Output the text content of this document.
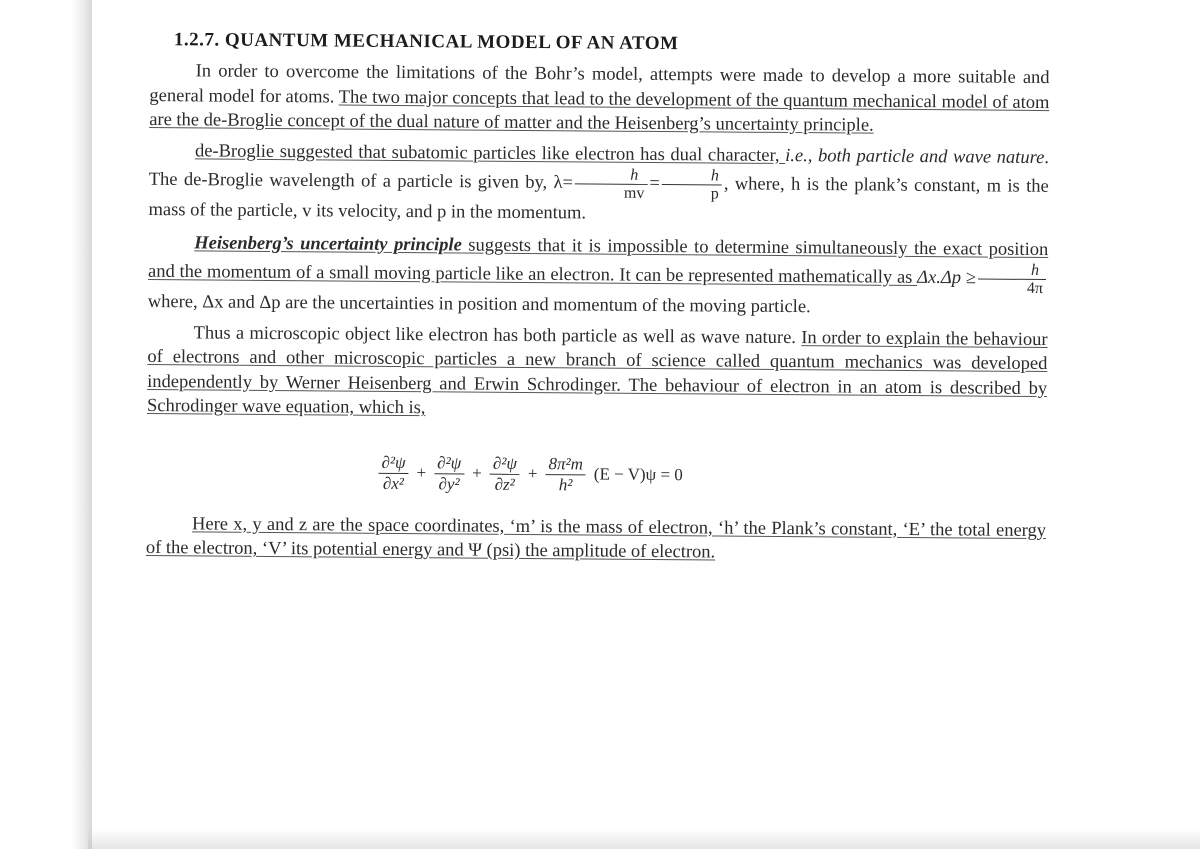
1.2.7. QUANTUM MECHANICAL MODEL OF AN ATOM

In order to overcome the limitations of the Bohr’s model, attempts were made to develop a more suitable and general model for atoms. The two major concepts that lead to the development of the quantum mechanical model of atom are the de-Broglie concept of the dual nature of matter and the Heisenberg’s uncertainty principle.

de-Broglie suggested that subatomic particles like electron has dual character, i.e., both particle and wave nature. The de-Broglie wavelength of a particle is given by, $\lambda= \frac{h}{mv} = \frac{h}{p}$ , where, h is the plank’s constant, m is the mass of the particle, v its velocity, and p in the momentum.

Heisenberg’s uncertainty principle suggests that it is impossible to determine simultaneously the exact position and the momentum of a small moving particle like an electron. It can be represented mathematically as $\Delta x.\Delta p \ge \frac{h}{4\pi}$
where, Δx and Δp are the uncertainties in position and momentum of the moving particle.

Thus a microscopic object like electron has both particle as well as wave nature. In order to explain the behaviour of electrons and other microscopic particles a new branch of science called quantum mechanics was developed independently by Werner Heisenberg and Erwin Schrodinger. The behaviour of electron in an atom is described by Schrodinger wave equation, which is,

$\frac{\text{∂²ψ}}{\text{∂x²}} + \frac{\text{∂²ψ}}{\text{∂y²}} + \frac{\text{∂²ψ}}{\text{∂z²}} + \frac{\text{8π²m}}{\text{h²}} (E - V)\psi = 0$

Here x, y and z are the space coordinates, ‘m’ is the mass of electron, ‘h’ the Plank’s constant, ‘E’ the total energy of the electron, ‘V’ its potential energy and Ψ (psi) the amplitude of electron.
